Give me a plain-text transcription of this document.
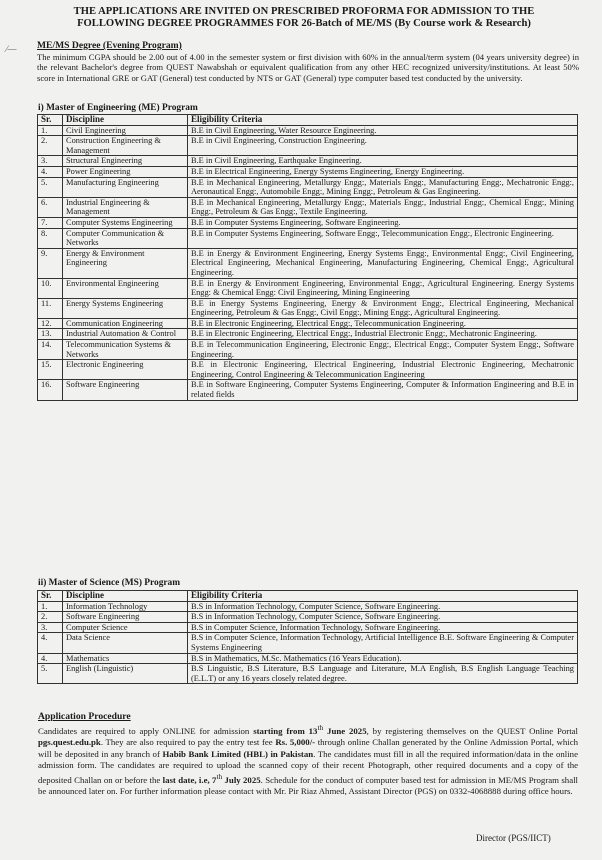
⁄—
THE APPLICATIONS ARE INVITED ON PRESCRIBED PROFORMA FOR ADMISSION TO THE
FOLLOWING DEGREE PROGRAMMES FOR 26-Batch of ME/MS (By Course work & Research)
ME/MS Degree (Evening Program)
The minimum CGPA should be 2.00 out of 4.00 in the semester system or first division with 60% in the annual/term system (04 years university degree) in the relevant Bachelor's degree from QUEST Nawabshah or equivalent qualification from any other HEC recognized university/institutions. At least 50% score in International GRE or GAT (General) test conducted by NTS or GAT (General) type computer based test conducted by the university.
i) Master of Engineering (ME) Program
Sr.	Discipline	Eligibility Criteria
1.	Civil Engineering	B.E in Civil Engineering, Water Resource Engineering.
2.	Construction Engineering & Management	B.E in Civil Engineering, Construction Engineering.
3.	Structural Engineering	B.E in Civil Engineering, Earthquake Engineering.
4.	Power Engineering	B.E in Electrical Engineering, Energy Systems Engineering, Energy Engineering.
5.	Manufacturing Engineering	B.E in Mechanical Engineering, Metallurgy Engg:, Materials Engg:, Manufacturing Engg:, Mechatronic Engg:, Aeronautical Engg:, Automobile Engg:, Mining Engg:, Petroleum & Gas Engineering.
6.	Industrial Engineering & Management	B.E in Mechanical Engineering, Metallurgy Engg:, Materials Engg:, Industrial Engg:, Chemical Engg:, Mining Engg:, Petroleum & Gas Engg:, Textile Engineering.
7.	Computer Systems Engineering	B.E in Computer Systems Engineering, Software Engineering.
8.	Computer Communication & Networks	B.E in Computer Systems Engineering, Software Engg:, Telecommunication Engg:, Electronic Engineering.
9.	Energy & Environment Engineering	B.E in Energy & Environment Engineering, Energy Systems Engg:, Environmental Engg:, Civil Engineering, Electrical Engineering, Mechanical Engineering, Manufacturing Engineering, Chemical Engg:, Agricultural Engineering.
10.	Environmental Engineering	B.E in Energy & Environment Engineering, Environmental Engg:, Agricultural Engineering. Energy Systems Engg: & Chemical Engg: Civil Engineering, Mining Engineering
11.	Energy Systems Engineering	B.E in Energy Systems Engineering, Energy & Environment Engg:, Electrical Engineering, Mechanical Engineering, Petroleum & Gas Engg:, Civil Engg:, Mining Engg:, Agricultural Engineering.
12.	Communication Engineering	B.E in Electronic Engineering, Electrical Engg:, Telecommunication Engineering.
13.	Industrial Automation & Control	B.E in Electronic Engineering, Electrical Engg:, Industrial Electronic Engg:, Mechatronic Engineering.
14.	Telecommunication Systems & Networks	B.E in Telecommunication Engineering, Electronic Engg:, Electrical Engg:, Computer System Engg:, Software Engineering.
15.	Electronic Engineering	B.E in Electronic Engineering, Electrical Engineering, Industrial Electronic Engineering, Mechatronic Engineering, Control Engineering & Telecommunication Engineering
16.	Software Engineering	B.E in Software Engineering, Computer Systems Engineering, Computer & Information Engineering and B.E in related fields
ii) Master of Science (MS) Program
Sr.	Discipline	Eligibility Criteria
1.	Information Technology	B.S in Information Technology, Computer Science, Software Engineering.
2.	Software Engineering	B.S in Information Technology, Computer Science, Software Engineering.
3.	Computer Science	B.S in Computer Science, Information Technology, Software Engineering.
4.	Data Science	B.S in Computer Science, Information Technology, Artificial Intelligence B.E. Software Engineering & Computer Systems Engineering
4.	Mathematics	B.S in Mathematics, M.Sc. Mathematics (16 Years Education).
5.	English (Linguistic)	B.S Linguistic, B.S Literature, B.S Language and Literature, M.A English, B.S English Language Teaching (E.L.T) or any 16 years closely related degree.
Application Procedure
Candidates are required to apply ONLINE for admission starting from 13th June 2025, by registering themselves on the QUEST Online Portal pgs.quest.edu.pk. They are also required to pay the entry test fee Rs. 5,000/- through online Challan generated by the Online Admission Portal, which will be deposited in any branch of Habib Bank Limited (HBL) in Pakistan. The candidates must fill in all the required information/data in the online admission form. The candidates are required to upload the scanned copy of their recent Photograph, other required documents and a copy of the deposited Challan on or before the last date, i.e, 7th July 2025. Schedule for the conduct of computer based test for admission in ME/MS Program shall be announced later on. For further information please contact with Mr. Pir Riaz Ahmed, Assistant Director (PGS) on 0332-4068888 during office hours.
Director (PGS/IICT)
